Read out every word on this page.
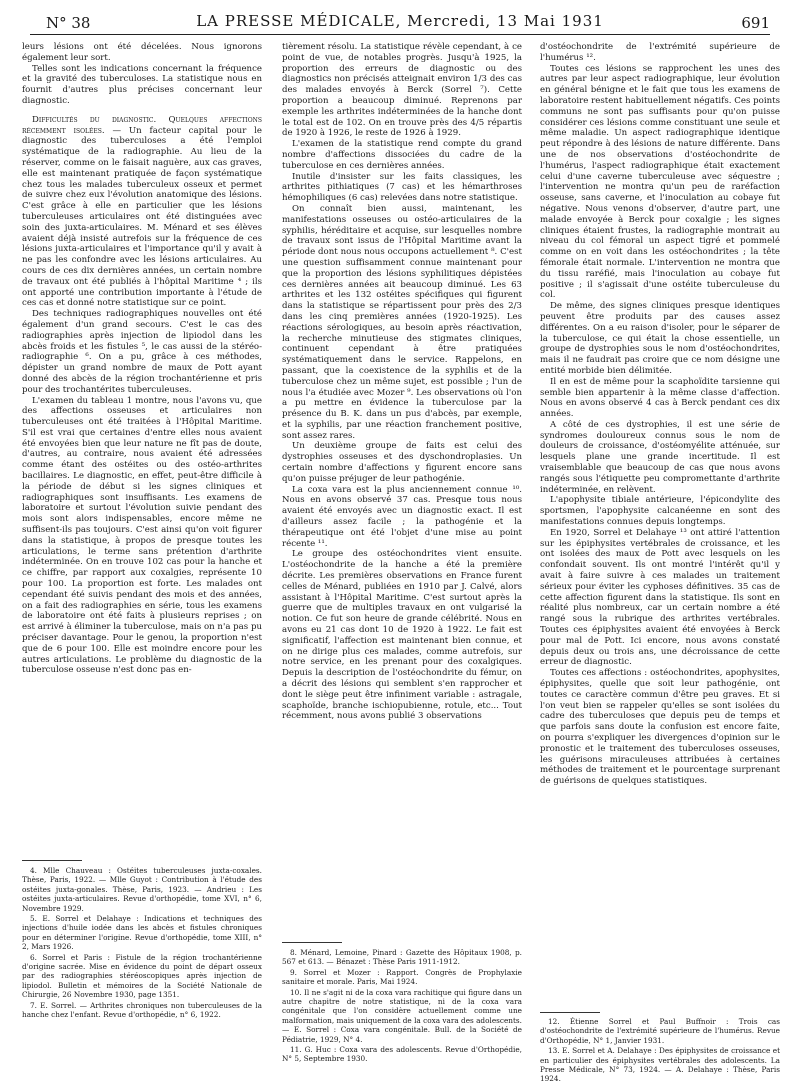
N° 38	LA PRESSE MÉDICALE, Mercredi, 13 Mai 1931	691

leurs lésions ont été décelées. Nous ignorons également leur sort.

Telles sont les indications concernant la fréquence et la gravité des tuberculoses. La statistique nous en fournit d'autres plus précises concernant leur diagnostic.

Difficultés du diagnostic. Quelques affections récemment isolées. — Un facteur capital pour le diagnostic des tuberculoses a été l'emploi systématique de la radiographie. Au lieu de la réserver, comme on le faisait naguère, aux cas graves, elle est maintenant pratiquée de façon systématique chez tous les malades tuberculeux osseux et permet de suivre chez eux l'évolution anatomique des lésions. C'est grâce à elle en particulier que les lésions tuberculeuses articulaires ont été distinguées avec soin des juxta-articulaires. M. Ménard et ses élèves avaient déjà insisté autrefois sur la fréquence de ces lésions juxta-articulaires et l'importance qu'il y avait à ne pas les confondre avec les lésions articulaires. Au cours de ces dix dernières années, un certain nombre de travaux ont été publiés à l'hôpital Maritime ⁴ ; ils ont apporté une contribution importante à l'étude de ces cas et donné notre statistique sur ce point.

Des techniques radiographiques nouvelles ont été également d'un grand secours. C'est le cas des radiographies après injection de lipiodol dans les abcès froids et les fistules ⁵, le cas aussi de la stéréo-radiographie ⁶. On a pu, grâce à ces méthodes, dépister un grand nombre de maux de Pott ayant donné des abcès de la région trochantérienne et pris pour des trochantérites tuberculeuses.

L'examen du tableau 1 montre, nous l'avons vu, que des affections osseuses et articulaires non tuberculeuses ont été traitées à l'Hôpital Maritime. S'il est vrai que certaines d'entre elles nous avaient été envoyées bien que leur nature ne fît pas de doute, d'autres, au contraire, nous avaient été adressées comme étant des ostéites ou des ostéo-arthrites bacillaires. Le diagnostic, en effet, peut-être difficile à la période de début si les signes cliniques et radiographiques sont insuffisants. Les examens de laboratoire et surtout l'évolution suivie pendant des mois sont alors indispensables, encore même ne suffisent-ils pas toujours. C'est ainsi qu'on voit figurer dans la statistique, à propos de presque toutes les articulations, le terme sans prétention d'arthrite indéterminée. On en trouve 102 cas pour la hanche et ce chiffre, par rapport aux coxalgies, représente 10 pour 100. La proportion est forte. Les malades ont cependant été suivis pendant des mois et des années, on a fait des radiographies en série, tous les examens de laboratoire ont été faits à plusieurs reprises ; on est arrivé à éliminer la tuberculose, mais on n'a pas pu préciser davantage. Pour le genou, la proportion n'est que de 6 pour 100. Elle est moindre encore pour les autres articulations. Le problème du diagnostic de la tuberculose osseuse n'est donc pas en-

tièrement résolu. La statistique révèle cependant, à ce point de vue, de notables progrès. Jusqu'à 1925, la proportion des erreurs de diagnostic ou des diagnostics non précisés atteignait environ 1/3 des cas des malades envoyés à Berck (Sorrel ⁷). Cette proportion a beaucoup diminué. Reprenons par exemple les arthrites indéterminées de la hanche dont le total est de 102. On en trouve près des 4/5 répartis de 1920 à 1926, le reste de 1926 à 1929.

L'examen de la statistique rend compte du grand nombre d'affections dissociées du cadre de la tuberculose en ces dernières années.

Inutile d'insister sur les faits classiques, les arthrites pithiatiques (7 cas) et les hémarthroses hémophiliques (6 cas) relevées dans notre statistique.

On connaît bien aussi, maintenant, les manifestations osseuses ou ostéo-articulaires de la syphilis, héréditaire et acquise, sur lesquelles nombre de travaux sont issus de l'Hôpital Maritime avant la période dont nous nous occupons actuellement ⁸. C'est une question suffisamment connue maintenant pour que la proportion des lésions syphilitiques dépistées ces dernières années ait beaucoup diminué. Les 63 arthrites et les 132 ostéites spécifiques qui figurent dans la statistique se répartissent pour près des 2/3 dans les cinq premières années (1920-1925). Les réactions sérologiques, au besoin après réactivation, la recherche minutieuse des stigmates cliniques, continuent cependant à être pratiquées systématiquement dans le service. Rappelons, en passant, que la coexistence de la syphilis et de la tuberculose chez un même sujet, est possible ; l'un de nous l'a étudiée avec Mozer ⁹. Les observations où l'on a pu mettre en évidence la tuberculose par la présence du B. K. dans un pus d'abcès, par exemple, et la syphilis, par une réaction franchement positive, sont assez rares.

Un deuxième groupe de faits est celui des dystrophies osseuses et des dyschondroplasies. Un certain nombre d'affections y figurent encore sans qu'on puisse préjuger de leur pathogénie.

La coxa vara est la plus anciennement connue ¹⁰. Nous en avons observé 37 cas. Presque tous nous avaient été envoyés avec un diagnostic exact. Il est d'ailleurs assez facile ; la pathogénie et la thérapeutique ont été l'objet d'une mise au point récente ¹¹.

Le groupe des ostéochondrites vient ensuite. L'ostéochondrite de la hanche a été la première décrite. Les premières observations en France furent celles de Ménard, publiées en 1910 par J. Calvé, alors assistant à l'Hôpital Maritime. C'est surtout après la guerre que de multiples travaux en ont vulgarisé la notion. Ce fut son heure de grande célébrité. Nous en avons eu 21 cas dont 10 de 1920 à 1922. Le fait est significatif, l'affection est maintenant bien connue, et on ne dirige plus ces malades, comme autrefois, sur notre service, en les prenant pour des coxalgiques. Depuis la description de l'ostéochondrite du fémur, on a décrit des lésions qui semblent s'en rapprocher et dont le siège peut être infiniment variable : astragale, scaphoïde, branche ischiopubienne, rotule, etc... Tout récemment, nous avons publié 3 observations

d'ostéochondrite de l'extrémité supérieure de l'humérus ¹².

Toutes ces lésions se rapprochent les unes des autres par leur aspect radiographique, leur évolution en général bénigne et le fait que tous les examens de laboratoire restent habituellement négatifs. Ces points communs ne sont pas suffisants pour qu'on puisse considérer ces lésions comme constituant une seule et même maladie. Un aspect radiographique identique peut répondre à des lésions de nature différente. Dans une de nos observations d'ostéochondrite de l'humérus, l'aspect radiographique était exactement celui d'une caverne tuberculeuse avec séquestre ; l'intervention ne montra qu'un peu de raréfaction osseuse, sans caverne, et l'inoculation au cobaye fut négative. Nous venons d'observer, d'autre part, une malade envoyée à Berck pour coxalgie ; les signes cliniques étaient frustes, la radiographie montrait au niveau du col fémoral un aspect tigré et pommelé comme on en voit dans les ostéochondrites ; la tête fémorale était normale. L'intervention ne montra que du tissu raréfié, mais l'inoculation au cobaye fut positive ; il s'agissait d'une ostéite tuberculeuse du col.

De même, des signes cliniques presque identiques peuvent être produits par des causes assez différentes. On a eu raison d'isoler, pour le séparer de la tuberculose, ce qui était la chose essentielle, un groupe de dystrophies sous le nom d'ostéochondrites, mais il ne faudrait pas croire que ce nom désigne une entité morbide bien délimitée.

Il en est de même pour la scaphoïdite tarsienne qui semble bien appartenir à la même classe d'affection. Nous en avons observé 4 cas à Berck pendant ces dix années.

A côté de ces dystrophies, il est une série de syndromes douloureux connus sous le nom de douleurs de croissance, d'ostéomyélite atténuée, sur lesquels plane une grande incertitude. Il est vraisemblable que beaucoup de cas que nous avons rangés sous l'étiquette peu compromettante d'arthrite indéterminée, en relèvent.

L'apophysite tibiale antérieure, l'épicondylite des sportsmen, l'apophysite calcanéenne en sont des manifestations connues depuis longtemps.

En 1920, Sorrel et Delahaye ¹³ ont attiré l'attention sur les épiphysites vertébrales de croissance, et les ont isolées des maux de Pott avec lesquels on les confondait souvent. Ils ont montré l'intérêt qu'il y avait à faire suivre à ces malades un traitement sérieux pour éviter les cyphoses définitives. 35 cas de cette affection figurent dans la statistique. Ils sont en réalité plus nombreux, car un certain nombre a été rangé sous la rubrique des arthrites vertébrales. Toutes ces épiphysites avaient été envoyées à Berck pour mal de Pott. Ici encore, nous avons constaté depuis deux ou trois ans, une décroissance de cette erreur de diagnostic.

Toutes ces affections : ostéochondrites, apophysites, épiphysites, quelle que soit leur pathogénie, ont toutes ce caractère commun d'être peu graves. Et si l'on veut bien se rappeler qu'elles se sont isolées du cadre des tuberculoses que depuis peu de temps et que parfois sans doute la confusion est encore faite, on pourra s'expliquer les divergences d'opinion sur le pronostic et le traitement des tuberculoses osseuses, les guérisons miraculeuses attribuées à certaines méthodes de traitement et le pourcentage surprenant de guérisons de quelques statistiques.

4. Mlle Chauveau : Ostéites tuberculeuses juxta-coxales. Thèse, Paris, 1922. — Mlle Guyot : Contribution à l'étude des ostéites juxta-gonales. Thèse, Paris, 1923. — Andrieu : Les ostéites juxta-articulaires. Revue d'orthopédie, tome XVI, n° 6, Novembre 1929.

5. E. Sorrel et Delahaye : Indications et techniques des injections d'huile iodée dans les abcès et fistules chroniques pour en déterminer l'origine. Revue d'orthopédie, tome XIII, n° 2, Mars 1926.

6. Sorrel et Paris : Fistule de la région trochantérienne d'origine sacrée. Mise en évidence du point de départ osseux par des radiographies stéréoscopiques après injection de lipiodol. Bulletin et mémoires de la Société Nationale de Chirurgie, 26 Novembre 1930, page 1351.

7. E. Sorrel. — Arthrites chroniques non tuberculeuses de la hanche chez l'enfant. Revue d'orthopédie, n° 6, 1922.

8. Ménard, Lemoine, Pinard : Gazette des Hôpitaux 1908, p. 567 et 613. — Bénazet : Thèse Paris 1911-1912.

9. Sorrel et Mozer : Rapport. Congrès de Prophylaxie sanitaire et morale. Paris, Mai 1924.

10. Il ne s'agit ni de la coxa vara rachitique qui figure dans un autre chapitre de notre statistique, ni de la coxa vara congénitale que l'on considère actuellement comme une malformation, mais uniquement de la coxa vara des adolescents. — E. Sorrel : Coxa vara congénitale. Bull. de la Société de Pédiatrie, 1929, N° 4.

11. G. Huc : Coxa vara des adolescents. Revue d'Orthopédie, N° 5, Septembre 1930.

12. Étienne Sorrel et Paul Buffnoir : Trois cas d'ostéochondrite de l'extrémité supérieure de l'humérus. Revue d'Orthopédie, N° 1, Janvier 1931.

13. E. Sorrel et A. Delahaye : Des épiphysites de croissance et en particulier des épiphysites vertébrales des adolescents. La Presse Médicale, N° 73, 1924. — A. Delahaye : Thèse, Paris 1924.
